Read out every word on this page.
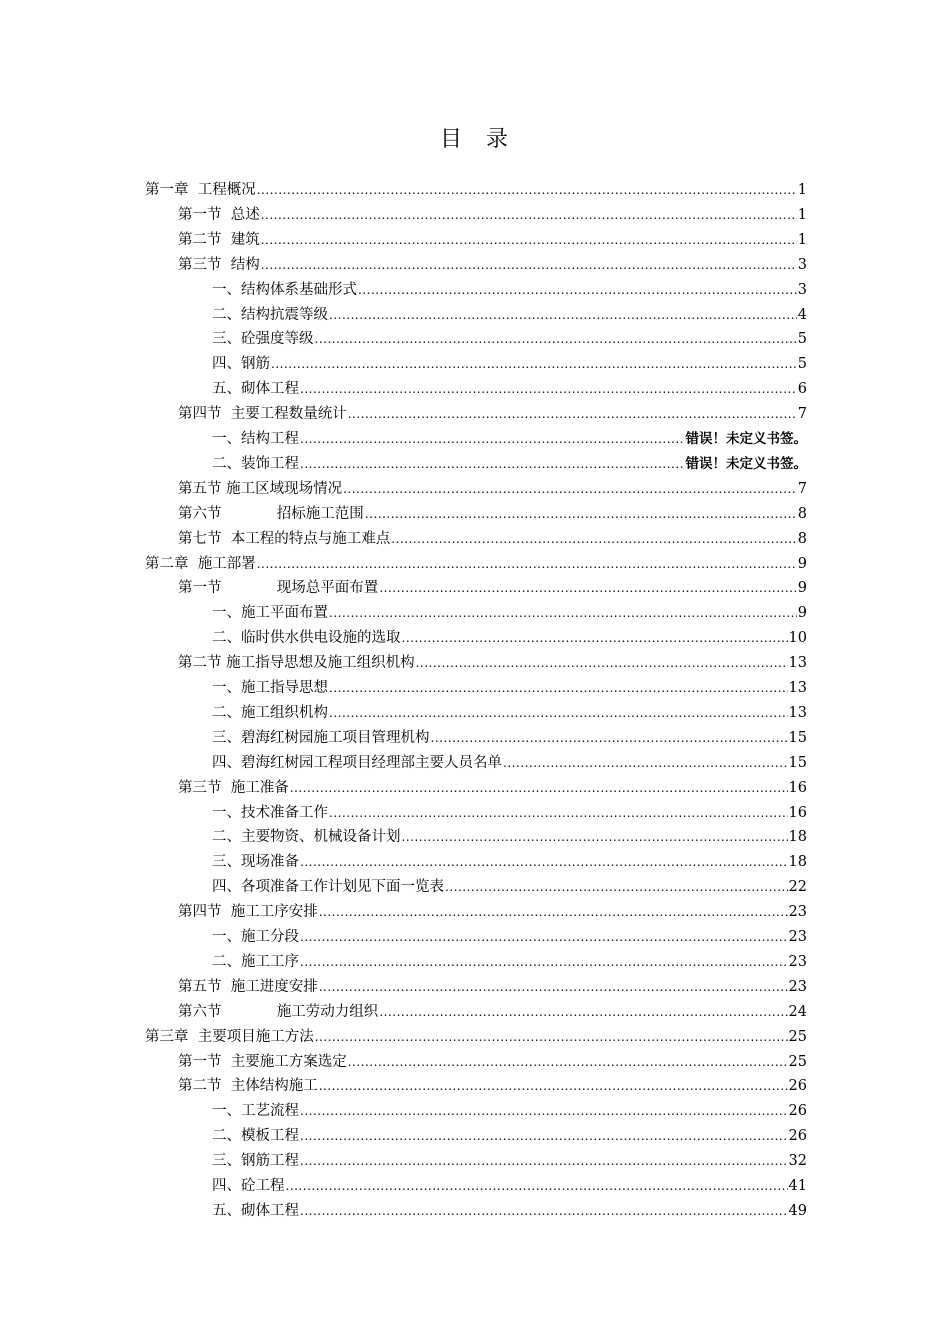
目 录
第一章  工程概况 .....	1
第一节  总述 .....	1
第二节  建筑 .....	1
第三节  结构 .....	3
一、结构体系基础形式 .....	3
二、结构抗震等级 .....	4
三、砼强度等级 .....	5
四、钢筋 .....	5
五、砌体工程 .....	6
第四节  主要工程数量统计 .....	7
一、结构工程 .....	错误！未定义书签。
二、装饰工程 .....	错误！未定义书签。
第五节 施工区域现场情况 .....	7
第六节            招标施工范围 .....	8
第七节  本工程的特点与施工难点 .....	8
第二章  施工部署 .....	9
第一节            现场总平面布置 .....	9
一、施工平面布置 .....	9
二、临时供水供电设施的选取 .....	10
第二节 施工指导思想及施工组织机构 .....	13
一、施工指导思想 .....	13
二、施工组织机构 .....	13
三、碧海红树园施工项目管理机构 .....	15
四、碧海红树园工程项目经理部主要人员名单 .....	15
第三节  施工准备 .....	16
一、技术准备工作 .....	16
二、主要物资、机械设备计划 .....	18
三、现场准备 .....	18
四、各项准备工作计划见下面一览表 .....	22
第四节  施工工序安排 .....	23
一、施工分段 .....	23
二、施工工序 .....	23
第五节  施工进度安排 .....	23
第六节            施工劳动力组织 .....	24
第三章  主要项目施工方法 .....	25
第一节  主要施工方案选定 .....	25
第二节  主体结构施工 .....	26
一、工艺流程 .....	26
二、模板工程 .....	26
三、钢筋工程 .....	32
四、砼工程 .....	41
五、砌体工程 .....	49
